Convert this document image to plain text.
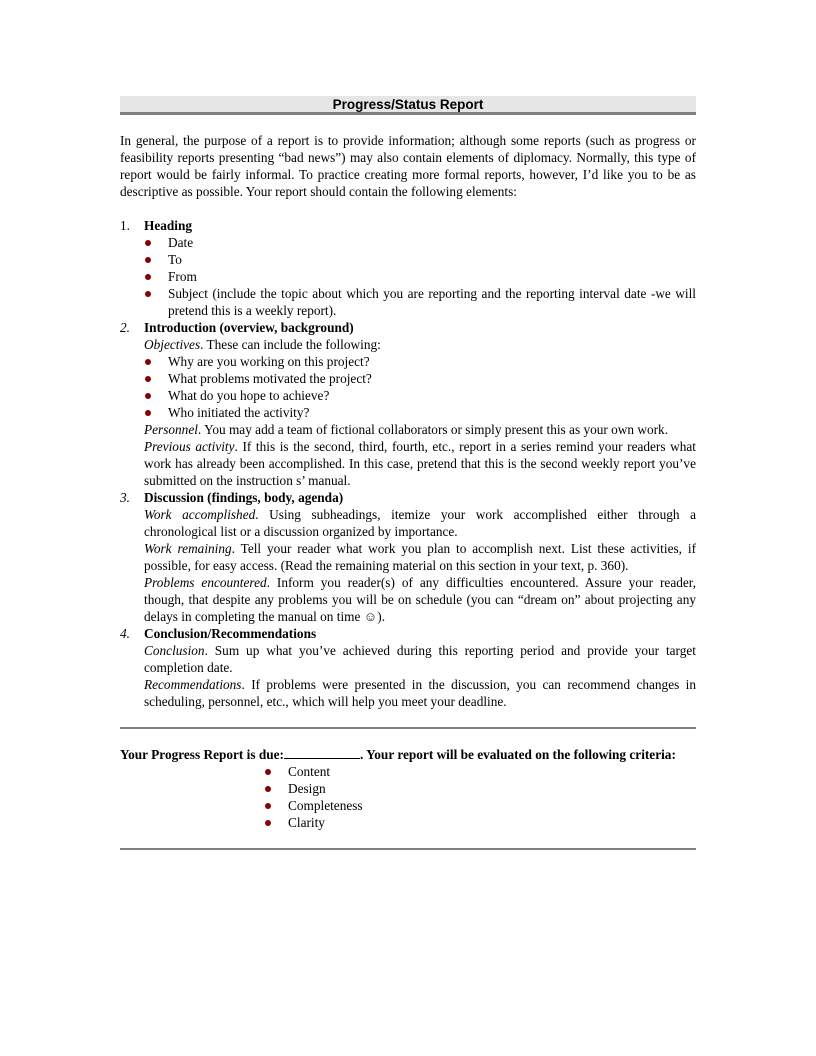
Progress/Status Report
In general, the purpose of a report is to provide information; although some reports (such as progress or feasibility reports presenting “bad news”) may also contain elements of diplomacy. Normally, this type of report would be fairly informal. To practice creating more formal reports, however, I’d like you to be as descriptive as possible. Your report should contain the following elements:
1.	Heading
Date
To
From
Subject (include the topic about which you are reporting and the reporting interval date -we will pretend this is a weekly report).
2.	Introduction (overview, background)
Objectives. These can include the following:
Why are you working on this project?
What problems motivated the project?
What do you hope to achieve?
Who initiated the activity?
Personnel. You may add a team of fictional collaborators or simply present this as your own work.
Previous activity. If this is the second, third, fourth, etc., report in a series remind your readers what work has already been accomplished. In this case, pretend that this is the second weekly report you’ve submitted on the instruction s’ manual.
3.	Discussion (findings, body, agenda)
Work accomplished. Using subheadings, itemize your work accomplished either through a chronological list or a discussion organized by importance.
Work remaining. Tell your reader what work you plan to accomplish next. List these activities, if possible, for easy access. (Read the remaining material on this section in your text, p. 360).
Problems encountered. Inform you reader(s) of any difficulties encountered. Assure your reader, though, that despite any problems you will be on schedule (you can “dream on” about projecting any delays in completing the manual on time ☺).
4.	Conclusion/Recommendations
Conclusion. Sum up what you’ve achieved during this reporting period and provide your target completion date.
Recommendations. If problems were presented in the discussion, you can recommend changes in scheduling, personnel, etc., which will help you meet your deadline.
Your Progress Report is due:	. Your report will be evaluated on the following criteria:
Content
Design
Completeness
Clarity
